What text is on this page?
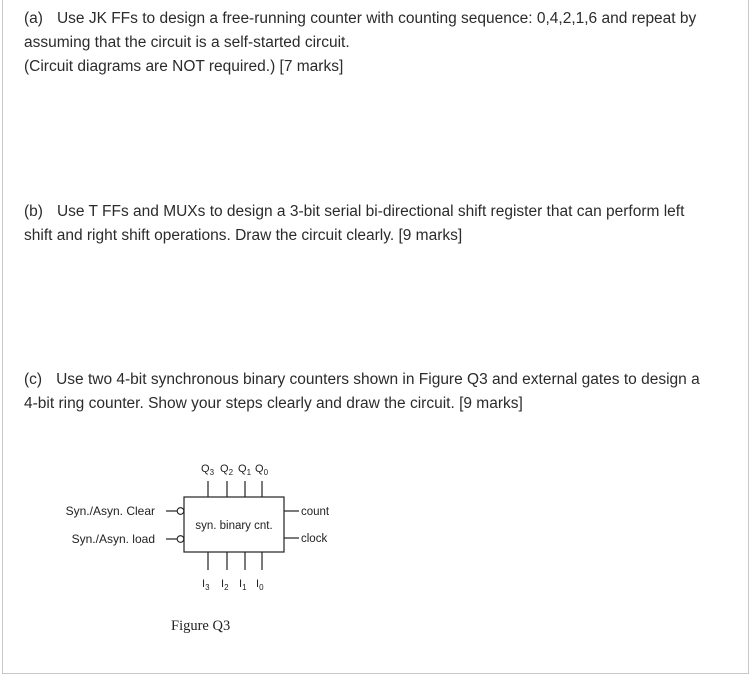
(a) Use JK FFs to design a free-running counter with counting sequence: 0,4,2,1,6 and repeat by

assuming that the circuit is a self-started circuit.

(Circuit diagrams are NOT required.) [7 marks]

(b) Use T FFs and MUXs to design a 3-bit serial bi-directional shift register that can perform left

shift and right shift operations. Draw the circuit clearly. [9 marks]

(c) Use two 4-bit synchronous binary counters shown in Figure Q3 and external gates to design a

4-bit ring counter. Show your steps clearly and draw the circuit. [9 marks]

syn. binary cnt.
$Q_3$ $Q_2$ $Q_1$ $Q_0$
$I_3$ $I_2$ $I_1$ $I_0$
Syn./Asyn. Clear
Syn./Asyn. load
count
clock
Figure Q3
